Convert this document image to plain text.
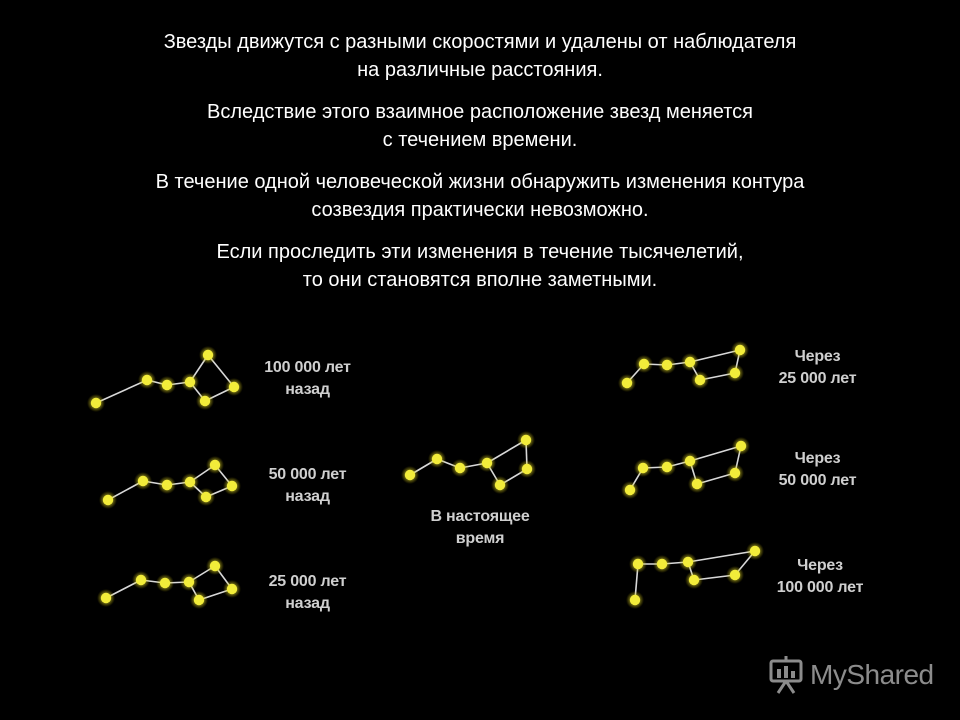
Звезды движутся с разными скоростями и удалены от наблюдателя
на различные расстояния.
Вследствие этого взаимное расположение звезд меняется
с течением времени.
В течение одной человеческой жизни обнаружить изменения контура
созвездия практически невозможно.
Если проследить эти изменения в течение тысячелетий,
то они становятся вполне заметными.
100 000 лет
назад
50 000 лет
назад
25 000 лет
назад
В настоящее
время
Через
25 000 лет
Через
50 000 лет
Через
100 000 лет
MyShared
